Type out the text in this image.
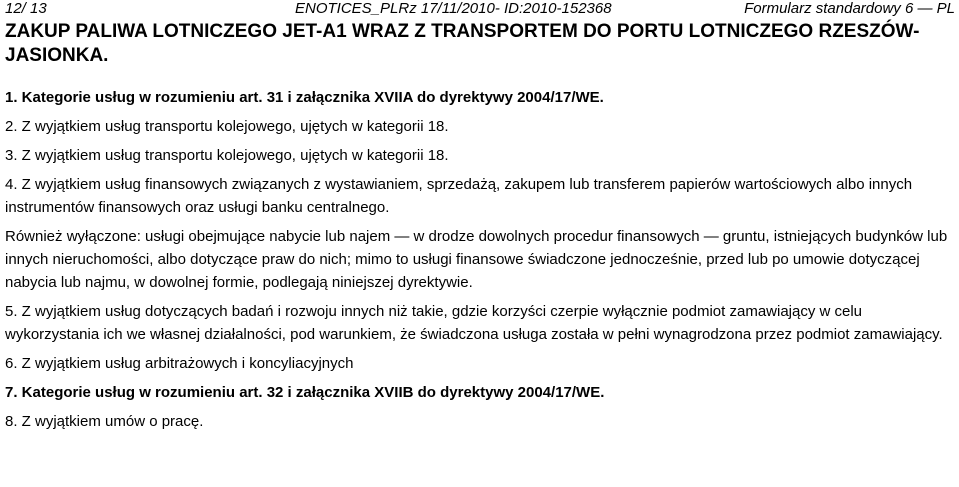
12/ 13	ENOTICES_PLRz 17/11/2010- ID:2010-152368	Formularz standardowy 6 — PL
ZAKUP PALIWA LOTNICZEGO JET-A1 WRAZ Z TRANSPORTEM DO PORTU LOTNICZEGO RZESZÓW-JASIONKA.

1. Kategorie usług w rozumieniu art. 31 i załącznika XVIIA do dyrektywy 2004/17/WE.

2. Z wyjątkiem usług transportu kolejowego, ujętych w kategorii 18.

3. Z wyjątkiem usług transportu kolejowego, ujętych w kategorii 18.

4. Z wyjątkiem usług finansowych związanych z wystawianiem, sprzedażą, zakupem lub transferem papierów wartościowych albo innych instrumentów finansowych oraz usługi banku centralnego.

Również wyłączone: usługi obejmujące nabycie lub najem — w drodze dowolnych procedur finansowych — gruntu, istniejących budynków lub innych nieruchomości, albo dotyczące praw do nich; mimo to usługi finansowe świadczone jednocześnie, przed lub po umowie dotyczącej nabycia lub najmu, w dowolnej formie, podlegają niniejszej dyrektywie.

5. Z wyjątkiem usług dotyczących badań i rozwoju innych niż takie, gdzie korzyści czerpie wyłącznie podmiot zamawiający w celu wykorzystania ich we własnej działalności, pod warunkiem, że świadczona usługa została w pełni wynagrodzona przez podmiot zamawiający.

6. Z wyjątkiem usług arbitrażowych i koncyliacyjnych

7. Kategorie usług w rozumieniu art. 32 i załącznika XVIIB do dyrektywy 2004/17/WE.

8. Z wyjątkiem umów o pracę.
